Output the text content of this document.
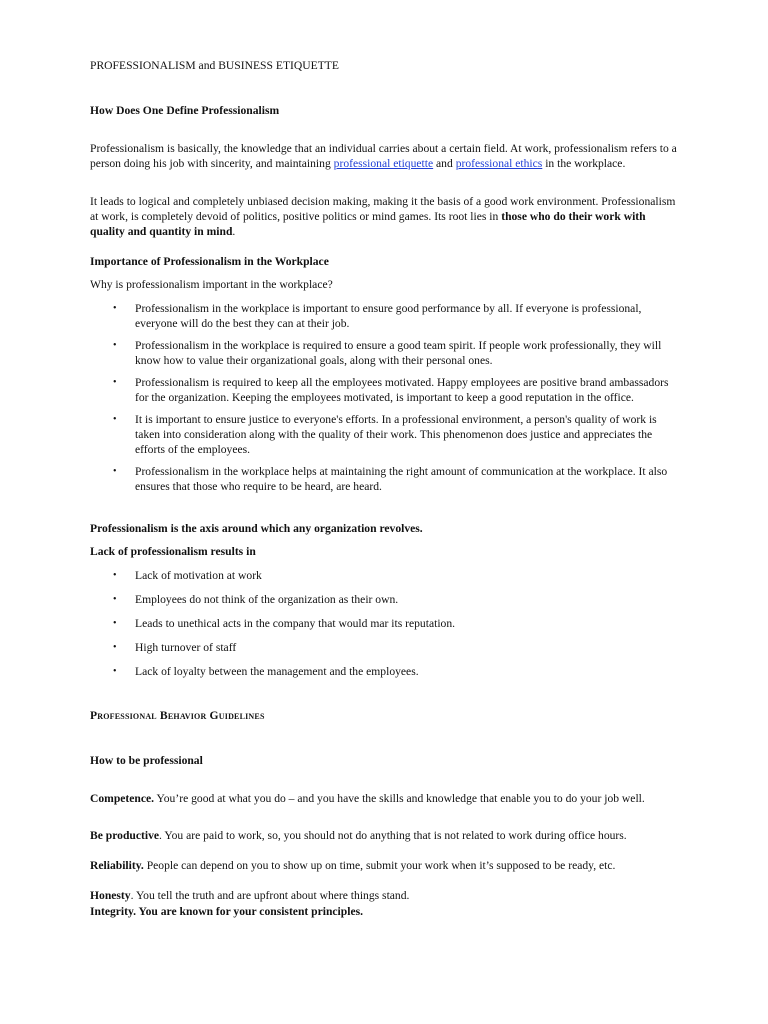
PROFESSIONALISM and BUSINESS ETIQUETTE

How Does One Define Professionalism

Professionalism is basically, the knowledge that an individual carries about a certain field. At work, professionalism refers to a person doing his job with sincerity, and maintaining professional etiquette and professional ethics in the workplace.

It leads to logical and completely unbiased decision making, making it the basis of a good work environment. Professionalism at work, is completely devoid of politics, positive politics or mind games. Its root lies in those who do their work with quality and quantity in mind.

Importance of Professionalism in the Workplace

Why is professionalism important in the workplace?

• Professionalism in the workplace is important to ensure good performance by all. If everyone is professional, everyone will do the best they can at their job.
• Professionalism in the workplace is required to ensure a good team spirit. If people work professionally, they will know how to value their organizational goals, along with their personal ones.
• Professionalism is required to keep all the employees motivated. Happy employees are positive brand ambassadors for the organization. Keeping the employees motivated, is important to keep a good reputation in the office.
• It is important to ensure justice to everyone's efforts. In a professional environment, a person's quality of work is taken into consideration along with the quality of their work. This phenomenon does justice and appreciates the efforts of the employees.
• Professionalism in the workplace helps at maintaining the right amount of communication at the workplace. It also ensures that those who require to be heard, are heard.

Professionalism is the axis around which any organization revolves.

Lack of professionalism results in

• Lack of motivation at work
• Employees do not think of the organization as their own.
• Leads to unethical acts in the company that would mar its reputation.
• High turnover of staff
• Lack of loyalty between the management and the employees.

Professional Behavior Guidelines

How to be professional

Competence. You’re good at what you do – and you have the skills and knowledge that enable you to do your job well.

Be productive. You are paid to work, so, you should not do anything that is not related to work during office hours.

Reliability. People can depend on you to show up on time, submit your work when it’s supposed to be ready, etc.

Honesty. You tell the truth and are upfront about where things stand.

Integrity. You are known for your consistent principles.
